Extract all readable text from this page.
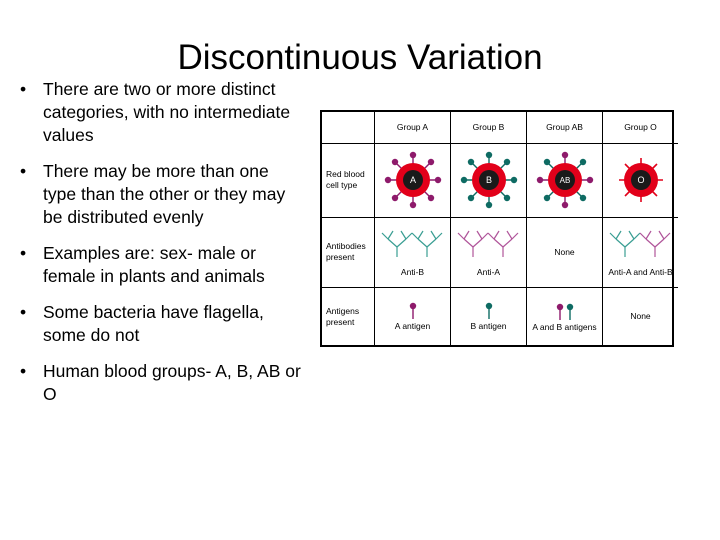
Discontinuous Variation
• There are two or more distinct categories, with no intermediate values
• There may be more than one type than the other or they may be distributed evenly
• Examples are: sex- male or female in plants and animals
• Some bacteria have flagella, some do not
• Human blood groups- A, B, AB or O
	Group A	Group B	Group AB	Group O
Red blood cell type	A	B	AB	O

Antibodies present	Anti-B	Anti-A	None	Anti-A and Anti-B

Antigens present	A antigen	B antigen	A and B antigens	None
